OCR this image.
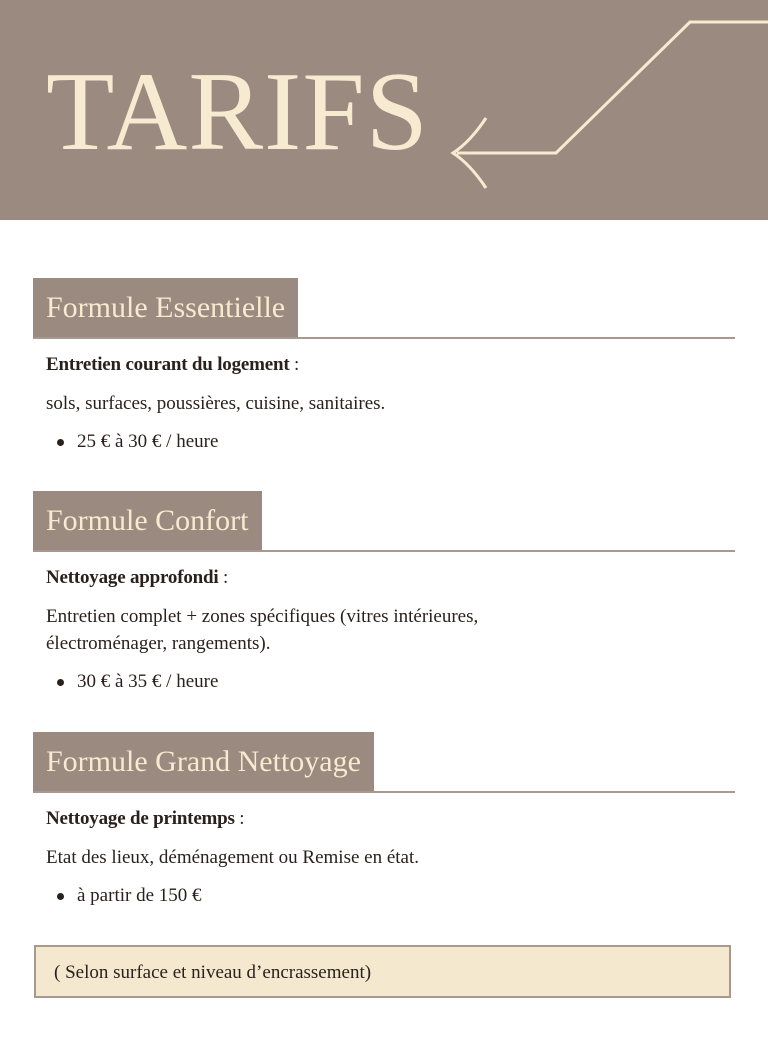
TARIFS
Formule Essentielle
Entretien courant du logement :
sols, surfaces, poussières, cuisine, sanitaires.
25 € à 30 € / heure
Formule Confort
Nettoyage approfondi :
Entretien complet + zones spécifiques (vitres intérieures, électroménager, rangements).
30 € à 35 € / heure
Formule Grand Nettoyage
Nettoyage de printemps :
Etat des lieux, déménagement ou Remise en état.
à partir de 150 €
( Selon surface et niveau d’encrassement)
